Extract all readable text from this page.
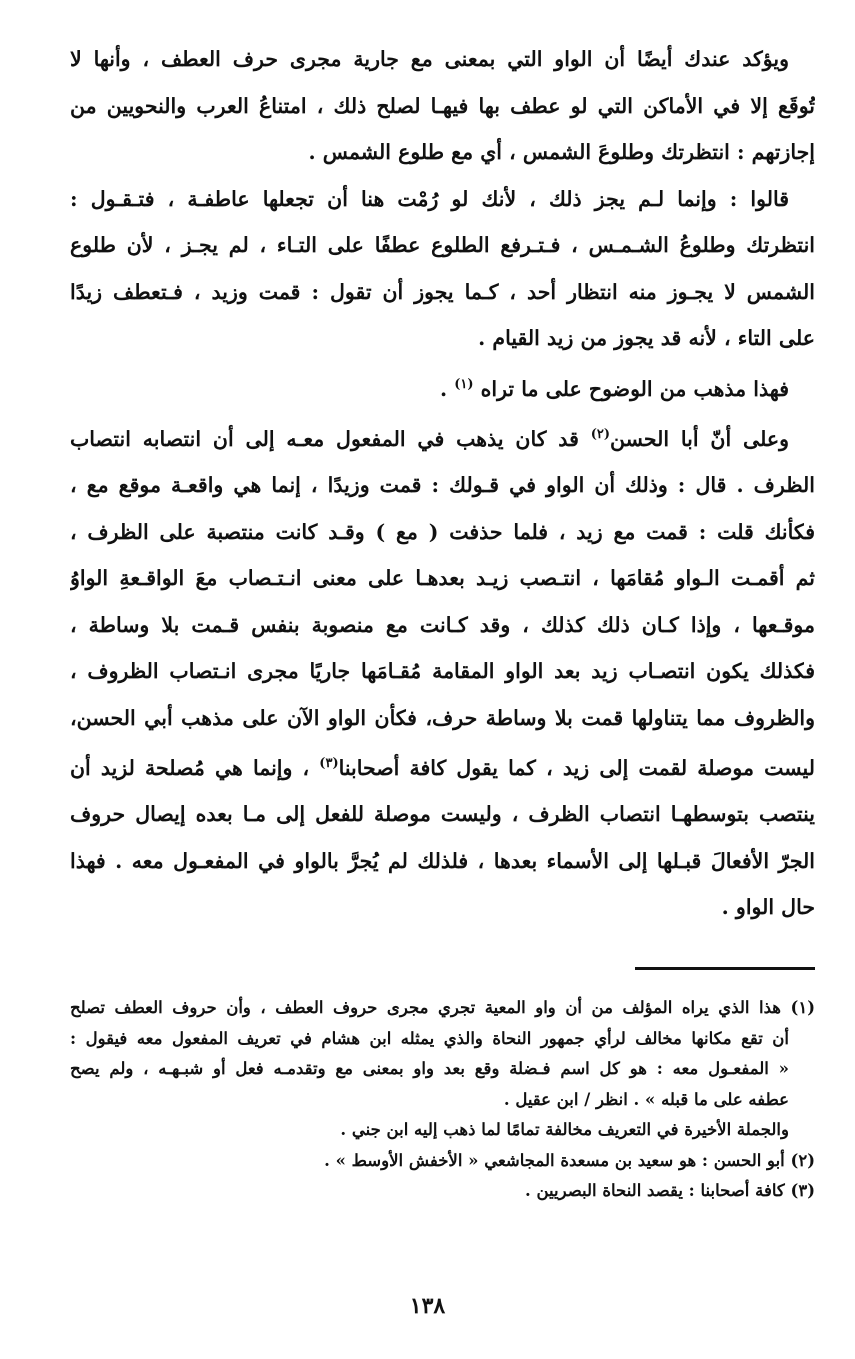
ويؤكد عندك أيضًا أن الواو التي بمعنى مع جارية مجرى حرف العطف ، وأنها لا
تُوقَع إلا في الأماكن التي لو عطف بها فيهـا لصلح ذلك ، امتناعُ العرب والنحويين من
إجازتهم : انتظرتك وطلوعَ الشمس ، أي مع طلوع الشمس .
قالوا : وإنما لـم يجز ذلك ، لأنك لو رُمْت هنا أن تجعلها عاطفـة ، فتـقـول :
انتظرتك وطلوعُ الشـمـس ، فـتـرفع الطلوع عطفًا على التـاء ، لم يجـز ، لأن طلوع
الشمس لا يجـوز منه انتظار أحد ، كـما يجوز أن تقول : قمت وزيد ، فـتعطف زيدًا
على التاء ، لأنه قد يجوز من زيد القيام .
فهذا مذهب من الوضوح على ما تراه $^{(١)}$ .
وعلى أنّ أبا الحسن$^{(٢)}$ قد كان يذهب في المفعول معـه إلى أن انتصابه انتصاب
الظرف . قال : وذلك أن الواو في قـولك : قمت وزيدًا ، إنما هي واقعـة موقع مع ،
فكأنك قلت : قمت مع زيد ، فلما حذفت ( مع ) وقـد كانت منتصبة على الظرف ،
ثم أقمـت الـواو مُقامَها ، انتـصب زيـد بعدهـا على معنى انـتـصاب معَ الواقـعةِ الواوُ
موقـعها ، وإذا كـان ذلك كذلك ، وقد كـانت مع منصوبة بنفس قـمت بلا وساطة ،
فكذلك يكون انتصـاب زيد بعد الواو المقامة مُقـامَها جاريًا مجرى انـتصاب الظروف ،
والظروف مما يتناولها قمت بلا وساطة حرف، فكأن الواو الآن على مذهب أبي الحسن،
ليست موصلة لقمت إلى زيد ، كما يقول كافة أصحابنا$^{(٣)}$ ، وإنما هي مُصلحة لزيد أن
ينتصب بتوسطهـا انتصاب الظرف ، وليست موصلة للفعل إلى مـا بعده إيصال حروف
الجرّ الأفعالَ قبـلها إلى الأسماء بعدها ، فلذلك لم يُجرَّ بالواو في المفعـول معه . فهذا
حال الواو .
(١) هذا الذي يراه المؤلف من أن واو المعية تجري مجرى حروف العطف ، وأن حروف العطف تصلح
أن تقع مكانها مخالف لرأي جمهور النحاة والذي يمثله ابن هشام في تعريف المفعول معه فيقول :
« المفعـول معه : هو كل اسم فـضلة وقع بعد واو بمعنى مع وتقدمـه فعل أو شبـهـه ، ولم يصح
عطفه على ما قبله » . انظر / ابن عقيل .
والجملة الأخيرة في التعريف مخالفة تمامًا لما ذهب إليه ابن جني .
(٢) أبو الحسن : هو سعيد بن مسعدة المجاشعي « الأخفش الأوسط » .
(٣) كافة أصحابنا : يقصد النحاة البصريين .
١٣٨
